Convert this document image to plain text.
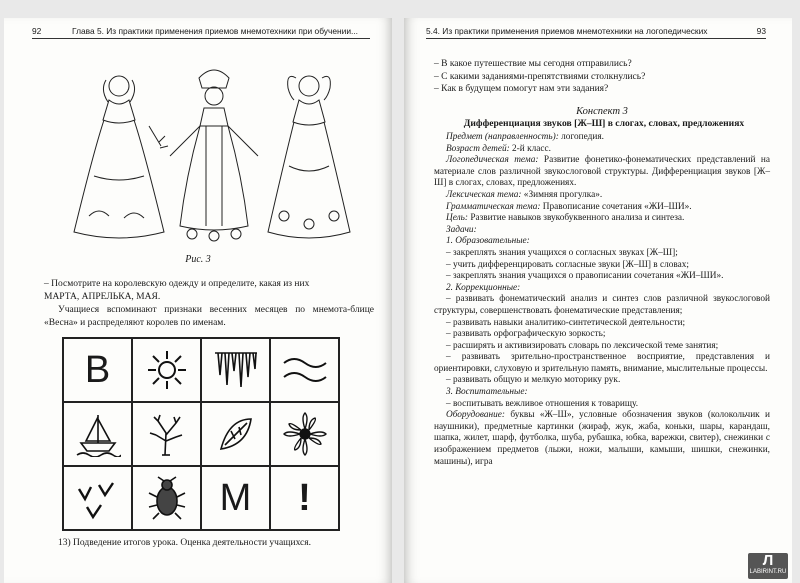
92	Глава 5. Из практики применения приемов мнемотехники при обучении...
Рис. 3
– Посмотрите на королевскую одежду и определите, какая из них
МАРТА, АПРЕЛЬКА, МАЯ.
Учащиеся вспоминают признаки весенних месяцев по мнемота-блице «Весна» и распределяют королев по именам.
В
М !
13) Подведение итогов урока. Оценка деятельности учащихся.
5.4. Из практики применения приемов мнемотехники на логопедических	93
– В какое путешествие мы сегодня отправились?
– С какими заданиями-препятствиями столкнулись?
– Как в будущем помогут нам эти задания?
Конспект 3
Дифференциация звуков [Ж–Ш] в слогах, словах, предложениях
Предмет (направленность): логопедия.
Возраст детей: 2-й класс.
Логопедическая тема: Развитие фонетико-фонематических представлений на материале слов различной звукослоговой структуры. Дифференциация звуков [Ж–Ш] в слогах, словах, предложениях.
Лексическая тема: «Зимняя прогулка».
Грамматическая тема: Правописание сочетания «ЖИ–ШИ».
Цель: Развитие навыков звукобуквенного анализа и синтеза.
Задачи:
1. Образовательные:
– закреплять знания учащихся о согласных звуках [Ж–Ш];
– учить дифференцировать согласные звуки [Ж–Ш] в словах;
– закреплять знания учащихся о правописании сочетания «ЖИ–ШИ».
2. Коррекционные:
– развивать фонематический анализ и синтез слов различной звукослоговой структуры, совершенствовать фонематические представления;
– развивать навыки аналитико-синтетической деятельности;
– развивать орфографическую зоркость;
– расширять и активизировать словарь по лексической теме занятия;
– развивать зрительно-пространственное восприятие, представления и ориентировки, слуховую и зрительную память, внимание, мыслительные процессы.
– развивать общую и мелкую моторику рук.
3. Воспитательные:
– воспитывать вежливое отношения к товарищу.
Оборудование: буквы «Ж–Ш», условные обозначения звуков (колокольчик и наушники), предметные картинки (жираф, жук, жаба, коньки, шары, карандаш, шапка, жилет, шарф, футболка, шуба, рубашка, юбка, варежки, свитер), снежинки с изображением предметов (лыжи, ножи, малыши, камыши, шишки, снежинки, машины), игра
Л
LABIRINT.RU
